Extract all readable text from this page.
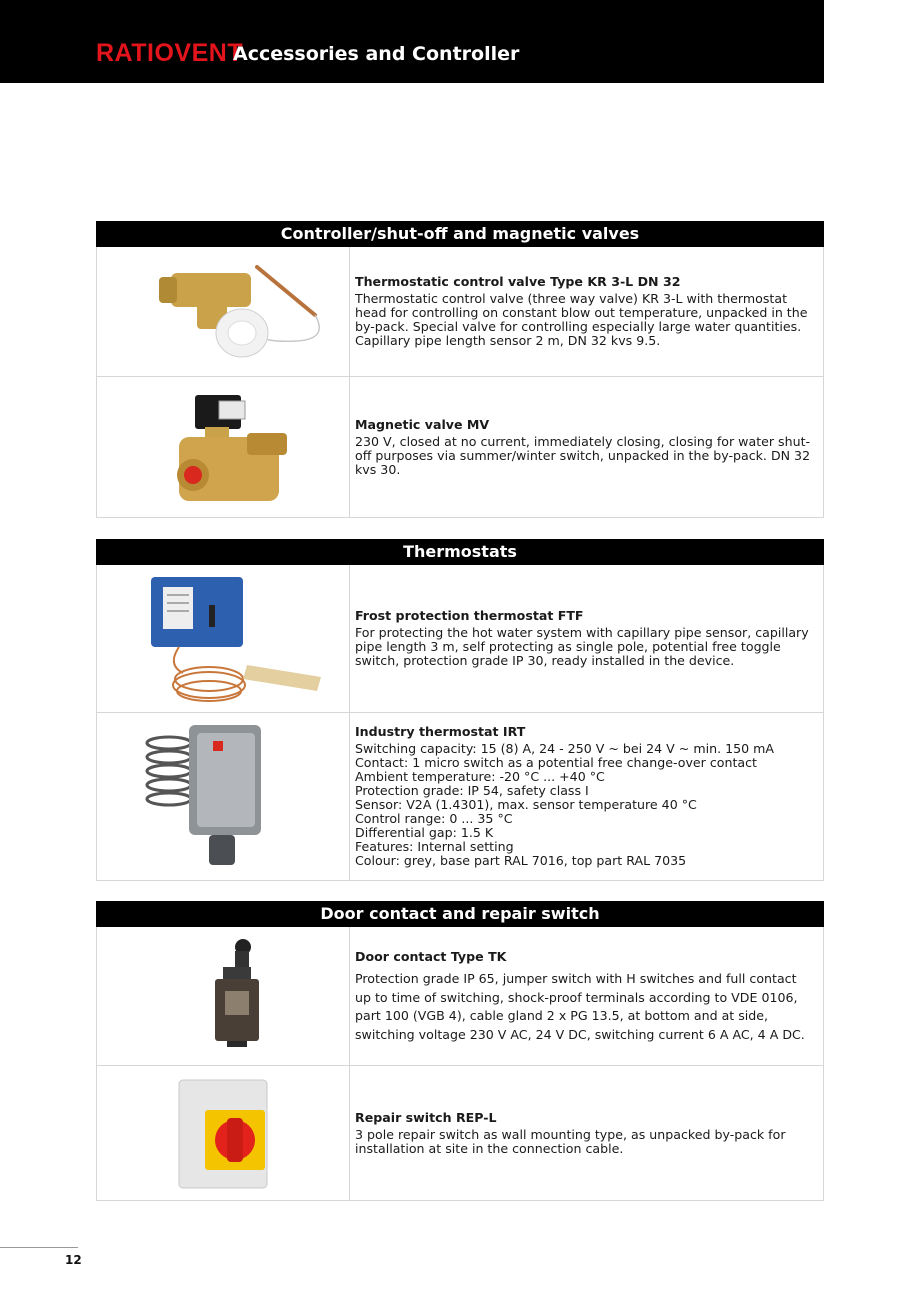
RATIOVENT
Accessories and Controller
Controller/shut-off and magnetic valves
Thermostatic control valve Type KR 3-L DN 32
Thermostatic control valve (three way valve) KR 3-L with thermostat head for controlling on constant blow out temperature, unpacked in the by-pack. Special valve for controlling especially large water quantities. Capillary pipe length sensor 2 m, DN 32 kvs 9.5.
Magnetic valve MV
230 V, closed at no current, immediately closing, closing for water shut-off purposes via summer/winter switch, unpacked in the by-pack. DN 32 kvs 30.
Thermostats
Frost protection thermostat FTF
For protecting the hot water system with capillary pipe sensor, capillary pipe length 3 m, self protecting as single pole, potential free toggle switch, protection grade IP 30, ready installed in the device.
Industry thermostat IRT
Switching capacity: 15 (8) A, 24 - 250 V ~ bei 24 V ~ min. 150 mA
Contact: 1 micro switch as a potential free change-over contact
Ambient temperature: -20 °C ... +40 °C
Protection grade: IP 54, safety class I
Sensor: V2A (1.4301), max. sensor temperature 40 °C
Control range: 0 ... 35 °C
Differential gap: 1.5 K
Features: Internal setting
Colour: grey, base part RAL 7016, top part RAL 7035
Door contact and repair switch
Door contact Type TK
Protection grade IP 65, jumper switch with H switches and full contact up to time of switching, shock-proof terminals according to VDE 0106, part 100 (VGB 4), cable gland 2 x PG 13.5, at bottom and at side, switching voltage 230 V AC, 24 V DC, switching current 6 A AC, 4 A DC.
Repair switch REP-L
3 pole repair switch as wall mounting type, as unpacked by-pack for installation at site in the connection cable.
12
